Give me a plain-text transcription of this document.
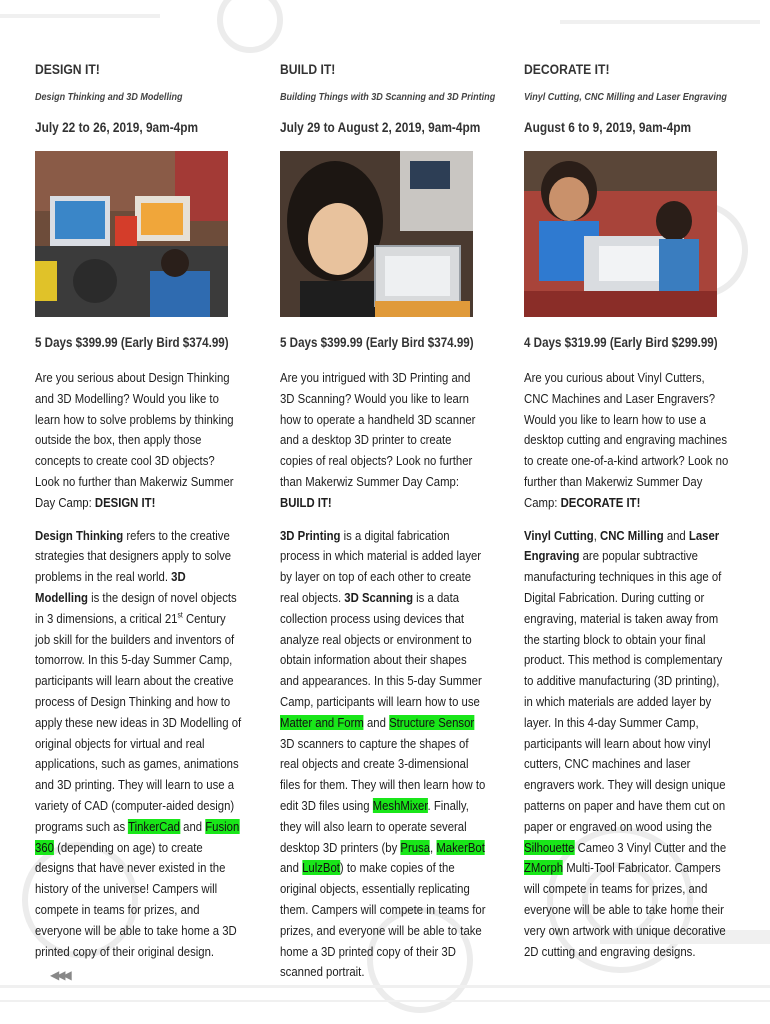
DESIGN IT!
Design Thinking and 3D Modelling
July 22 to 26, 2019, 9am-4pm
5 Days $399.99 (Early Bird $374.99)
Are you serious about Design Thinking and 3D Modelling? Would you like to learn how to solve problems by thinking outside the box, then apply those concepts to create cool 3D objects? Look no further than Makerwiz Summer Day Camp: DESIGN IT!
Design Thinking refers to the creative strategies that designers apply to solve problems in the real world. 3D Modelling is the design of novel objects in 3 dimensions, a critical 21st Century job skill for the builders and inventors of tomorrow. In this 5-day Summer Camp, participants will learn about the creative process of Design Thinking and how to apply these new ideas in 3D Modelling of original objects for virtual and real applications, such as games, animations and 3D printing. They will learn to use a variety of CAD (computer-aided design) programs such as TinkerCad and Fusion 360 (depending on age) to create designs that have never existed in the history of the universe! Campers will compete in teams for prizes, and everyone will be able to take home a 3D printed copy of their original design.
BUILD IT!
Building Things with 3D Scanning and 3D Printing
July 29 to August 2, 2019, 9am-4pm
5 Days $399.99 (Early Bird $374.99)
Are you intrigued with 3D Printing and 3D Scanning? Would you like to learn how to operate a handheld 3D scanner and a desktop 3D printer to create copies of real objects? Look no further than Makerwiz Summer Day Camp: BUILD IT!
3D Printing is a digital fabrication process in which material is added layer by layer on top of each other to create real objects. 3D Scanning is a data collection process using devices that analyze real objects or environment to obtain information about their shapes and appearances. In this 5-day Summer Camp, participants will learn how to use Matter and Form and Structure Sensor 3D scanners to capture the shapes of real objects and create 3-dimensional files for them. They will then learn how to edit 3D files using MeshMixer. Finally, they will also learn to operate several desktop 3D printers (by Prusa, MakerBot and LulzBot) to make copies of the original objects, essentially replicating them. Campers will compete in teams for prizes, and everyone will be able to take home a 3D printed copy of their 3D scanned portrait.
DECORATE IT!
Vinyl Cutting, CNC Milling and Laser Engraving
August 6 to 9, 2019, 9am-4pm
4 Days $319.99 (Early Bird $299.99)
Are you curious about Vinyl Cutters, CNC Machines and Laser Engravers? Would you like to learn how to use a desktop cutting and engraving machines to create one-of-a-kind artwork? Look no further than Makerwiz Summer Day Camp: DECORATE IT!
Vinyl Cutting, CNC Milling and Laser Engraving are popular subtractive manufacturing techniques in this age of Digital Fabrication. During cutting or engraving, material is taken away from the starting block to obtain your final product. This method is complementary to additive manufacturing (3D printing), in which materials are added layer by layer. In this 4-day Summer Camp, participants will learn about how vinyl cutters, CNC machines and laser engravers work. They will design unique patterns on paper and have them cut on paper or engraved on wood using the Silhouette Cameo 3 Vinyl Cutter and the ZMorph Multi-Tool Fabricator. Campers will compete in teams for prizes, and everyone will be able to take home their very own artwork with unique decorative 2D cutting and engraving designs.
◀◀◀
